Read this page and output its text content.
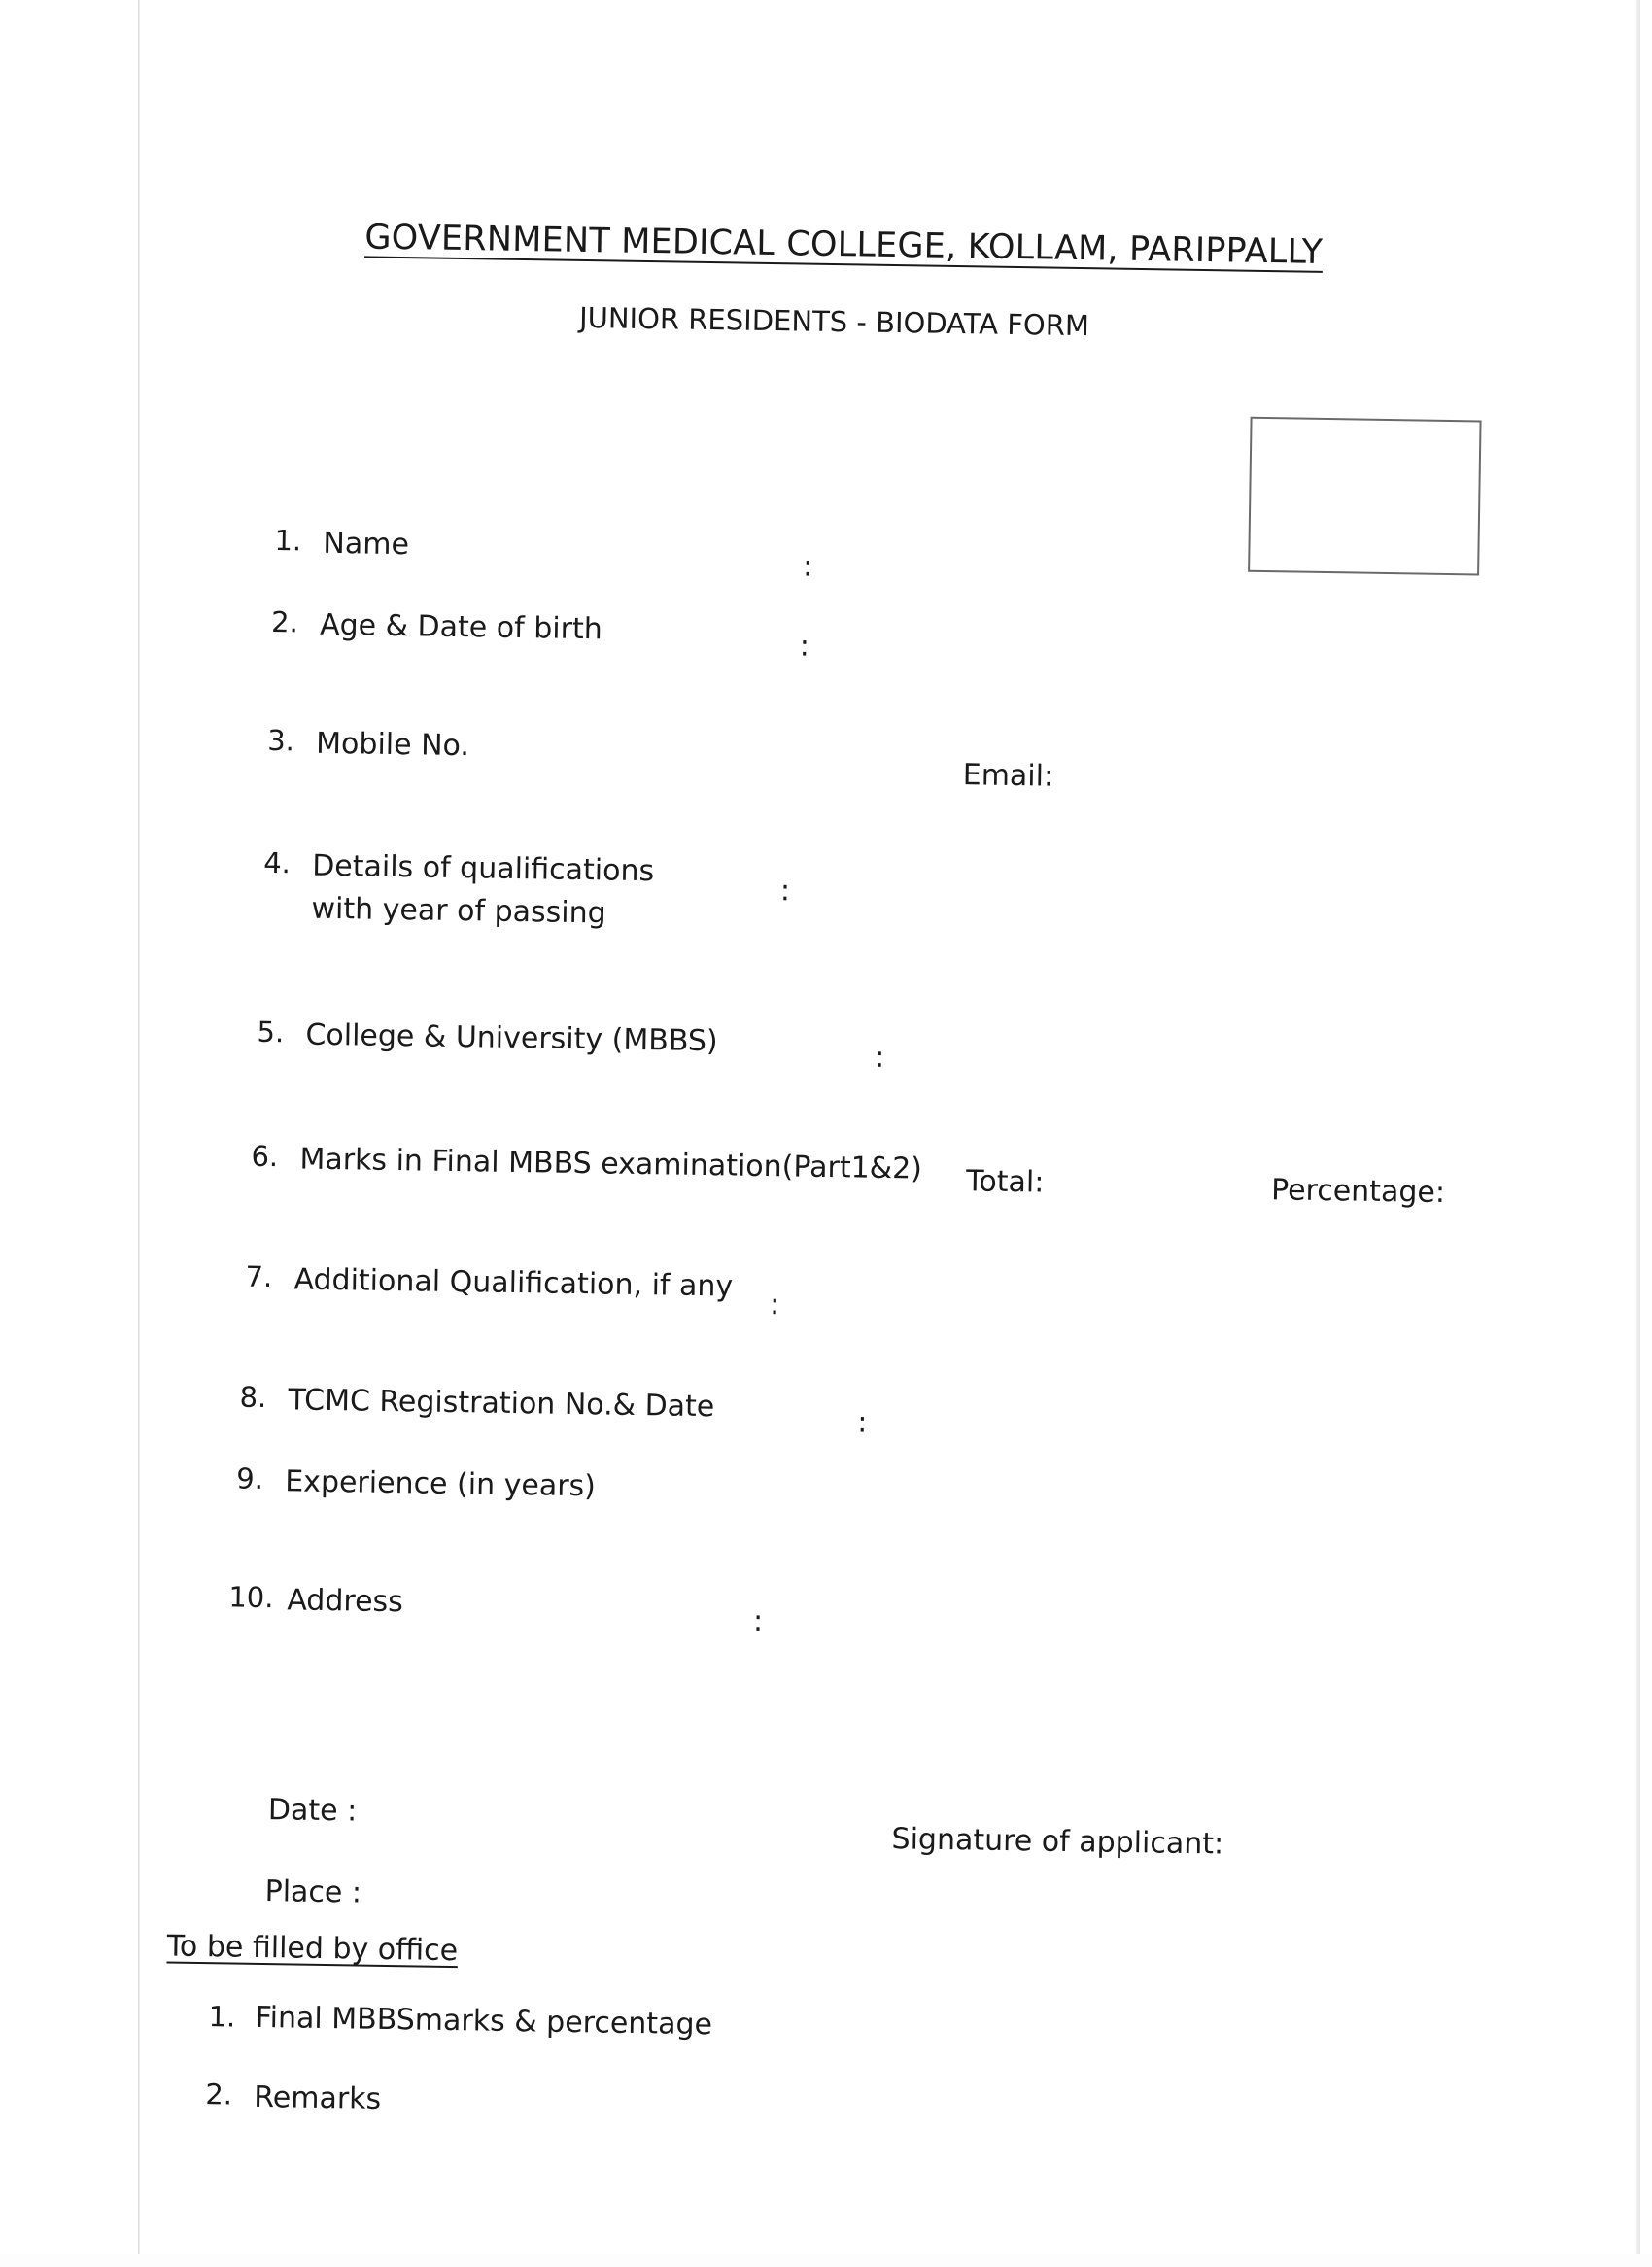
GOVERNMENT MEDICAL COLLEGE, KOLLAM, PARIPPALLY
JUNIOR RESIDENTS - BIODATA FORM
1. Name
:
2. Age & Date of birth	:
3. Mobile No.
Email:
4. Details of qualifications
with year of passing
:
5. College & University (MBBS)	:
6. Marks in Final MBBS examination(Part1&2) Total:	Percentage:
7. Additional Qualification, if any
:
8. TCMC Registration No.& Date	:
9. Experience (in years)
10. Address
:
Date :
Signature of applicant:
Place :
To be filled by office
1. Final MBBSmarks & percentage
2. Remarks
